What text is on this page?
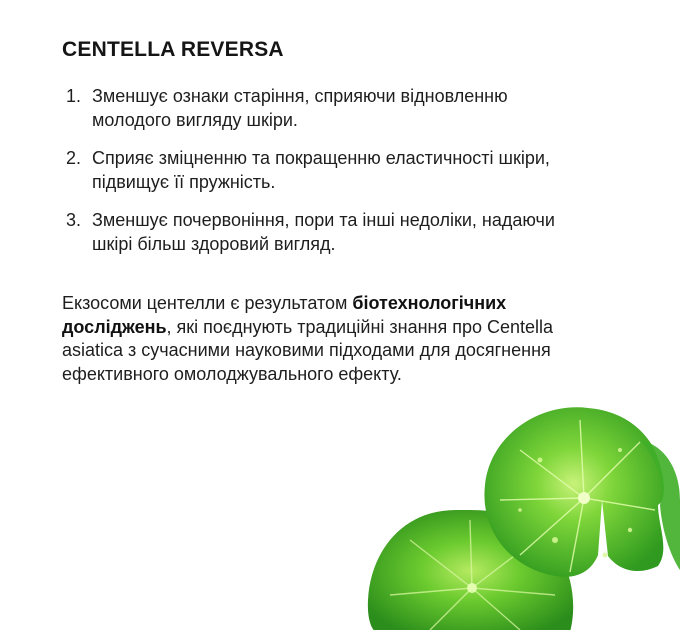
CENTELLA REVERSA
1. Зменшує ознаки старіння, сприяючи відновленню молодого вигляду шкіри.
2. Сприяє зміцненню та покращенню еластичності шкіри, підвищує її пружність.
3. Зменшує почервоніння, пори та інші недоліки, надаючи шкірі більш здоровий вигляд.

Екзосоми центелли є результатом біотехнологічних досліджень, які поєднують традиційні знання про Centella asiatica з сучасними науковими підходами для досягнення ефективного омолоджувального ефекту.
